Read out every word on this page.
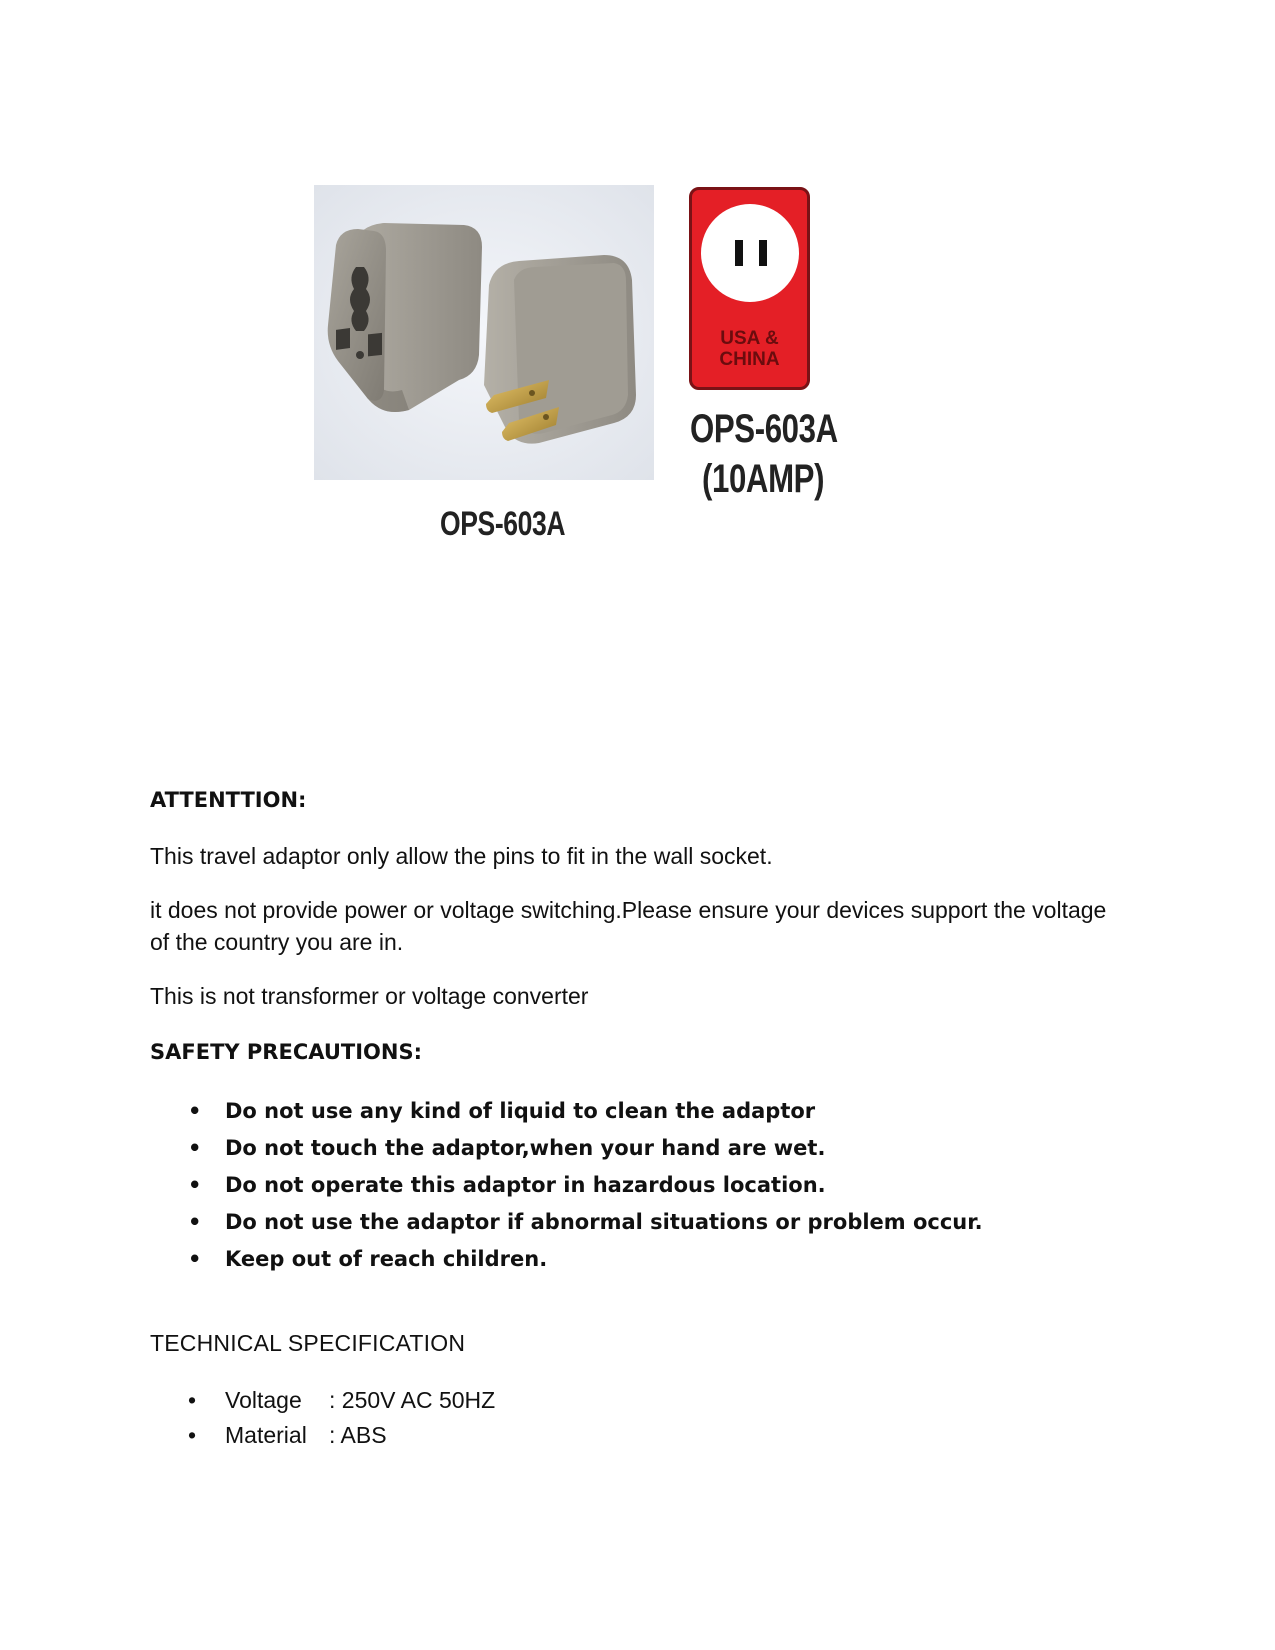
OPS-603A
USA &
CHINA
OPS-603A
(10AMP)
ATTENTTION:
This travel adaptor only allow the pins to fit in the wall socket.
it does not provide power or voltage switching.Please ensure your devices support the voltage of the country you are in.
This is not transformer or voltage converter
SAFETY PRECAUTIONS:
• Do not use any kind of liquid to clean the adaptor
• Do not touch the adaptor,when your hand are wet.
• Do not operate this adaptor in hazardous location.
• Do not use the adaptor if abnormal situations or problem occur.
• Keep out of reach children.
TECHNICAL SPECIFICATION
• Voltage : 250V AC 50HZ
• Material : ABS
